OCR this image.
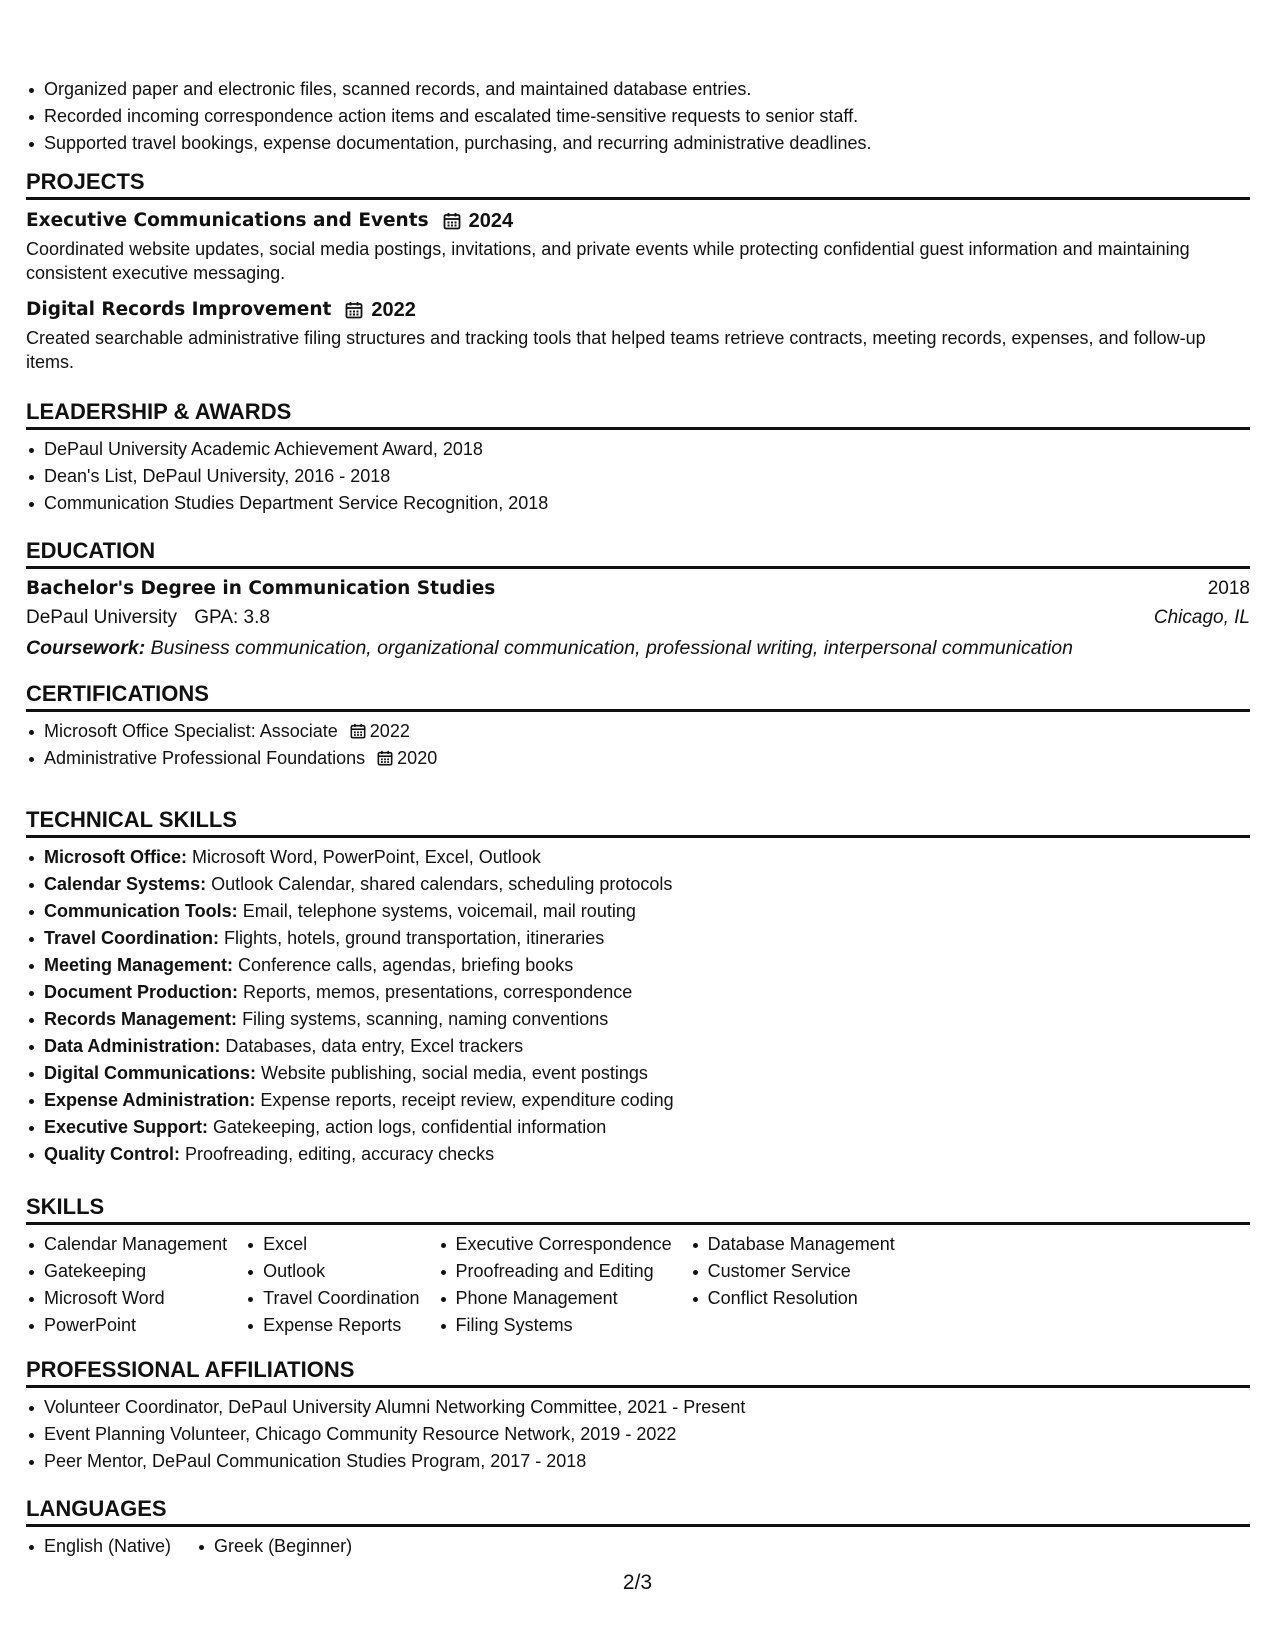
Organized paper and electronic files, scanned records, and maintained database entries.
Recorded incoming correspondence action items and escalated time-sensitive requests to senior staff.
Supported travel bookings, expense documentation, purchasing, and recurring administrative deadlines.
PROJECTS
Executive Communications and Events 2024
Coordinated website updates, social media postings, invitations, and private events while protecting confidential guest information and maintaining consistent executive messaging.
Digital Records Improvement 2022
Created searchable administrative filing structures and tracking tools that helped teams retrieve contracts, meeting records, expenses, and follow-up items.
LEADERSHIP & AWARDS
DePaul University Academic Achievement Award, 2018
Dean's List, DePaul University, 2016 - 2018
Communication Studies Department Service Recognition, 2018
EDUCATION
Bachelor's Degree in Communication Studies	2018
DePaul University GPA: 3.8	Chicago, IL
Coursework: Business communication, organizational communication, professional writing, interpersonal communication
CERTIFICATIONS
Microsoft Office Specialist: Associate 2022
Administrative Professional Foundations 2020
TECHNICAL SKILLS
Microsoft Office: Microsoft Word, PowerPoint, Excel, Outlook
Calendar Systems: Outlook Calendar, shared calendars, scheduling protocols
Communication Tools: Email, telephone systems, voicemail, mail routing
Travel Coordination: Flights, hotels, ground transportation, itineraries
Meeting Management: Conference calls, agendas, briefing books
Document Production: Reports, memos, presentations, correspondence
Records Management: Filing systems, scanning, naming conventions
Data Administration: Databases, data entry, Excel trackers
Digital Communications: Website publishing, social media, event postings
Expense Administration: Expense reports, receipt review, expenditure coding
Executive Support: Gatekeeping, action logs, confidential information
Quality Control: Proofreading, editing, accuracy checks
SKILLS
Calendar Management
Gatekeeping
Microsoft Word
PowerPoint
Excel
Outlook
Travel Coordination
Expense Reports
Executive Correspondence
Proofreading and Editing
Phone Management
Filing Systems
Database Management
Customer Service
Conflict Resolution
PROFESSIONAL AFFILIATIONS
Volunteer Coordinator, DePaul University Alumni Networking Committee, 2021 - Present
Event Planning Volunteer, Chicago Community Resource Network, 2019 - 2022
Peer Mentor, DePaul Communication Studies Program, 2017 - 2018
LANGUAGES
English (Native)	Greek (Beginner)
2/3
